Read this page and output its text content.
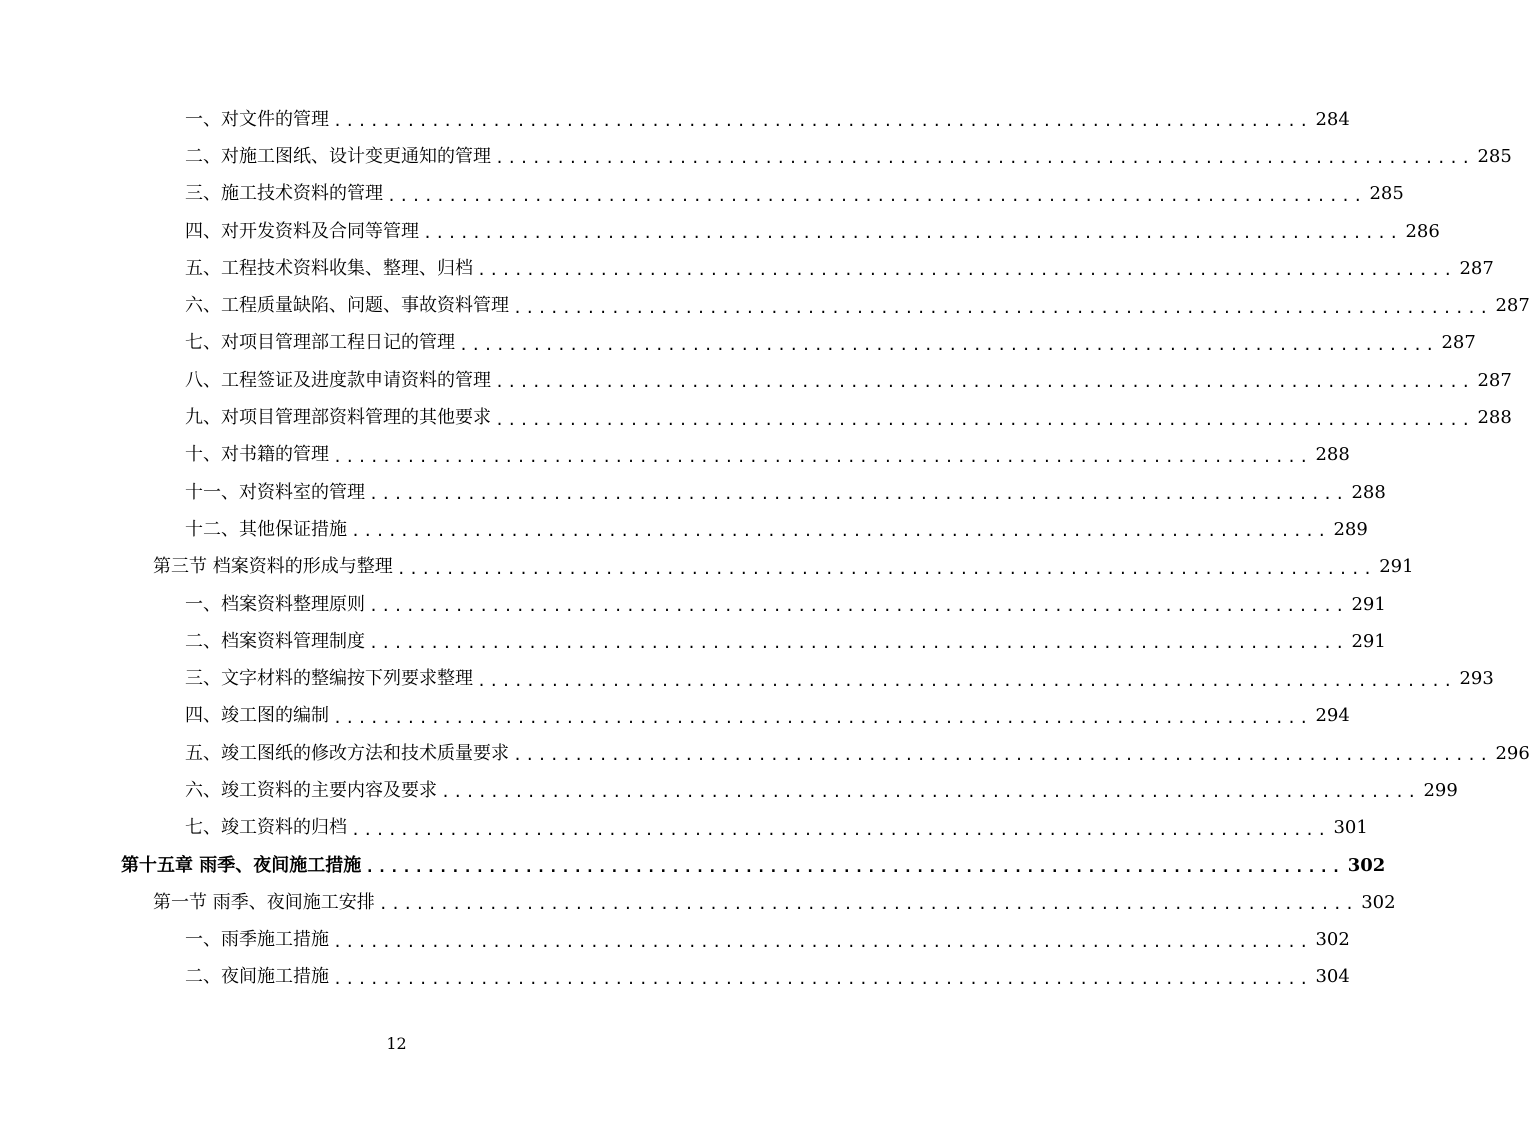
一、对文件的管理 ................................................................................ 284
二、对施工图纸、设计变更通知的管理 ................................................................................ 285
三、施工技术资料的管理 ................................................................................ 285
四、对开发资料及合同等管理 ................................................................................ 286
五、工程技术资料收集、整理、归档 ................................................................................ 287
六、工程质量缺陷、问题、事故资料管理 ................................................................................ 287
七、对项目管理部工程日记的管理 ................................................................................ 287
八、工程签证及进度款申请资料的管理 ................................................................................ 287
九、对项目管理部资料管理的其他要求 ................................................................................ 288
十、对书籍的管理 ................................................................................ 288
十一、对资料室的管理 ................................................................................ 288
十二、其他保证措施 ................................................................................ 289
第三节 档案资料的形成与整理 ................................................................................ 291
一、档案资料整理原则 ................................................................................ 291
二、档案资料管理制度 ................................................................................ 291
三、文字材料的整编按下列要求整理 ................................................................................ 293
四、竣工图的编制 ................................................................................ 294
五、竣工图纸的修改方法和技术质量要求 ................................................................................ 296
六、竣工资料的主要内容及要求 ................................................................................ 299
七、竣工资料的归档 ................................................................................ 301
第十五章 雨季、夜间施工措施 ................................................................................ 302
第一节 雨季、夜间施工安排 ................................................................................ 302
一、雨季施工措施 ................................................................................ 302
二、夜间施工措施 ................................................................................ 304
12
